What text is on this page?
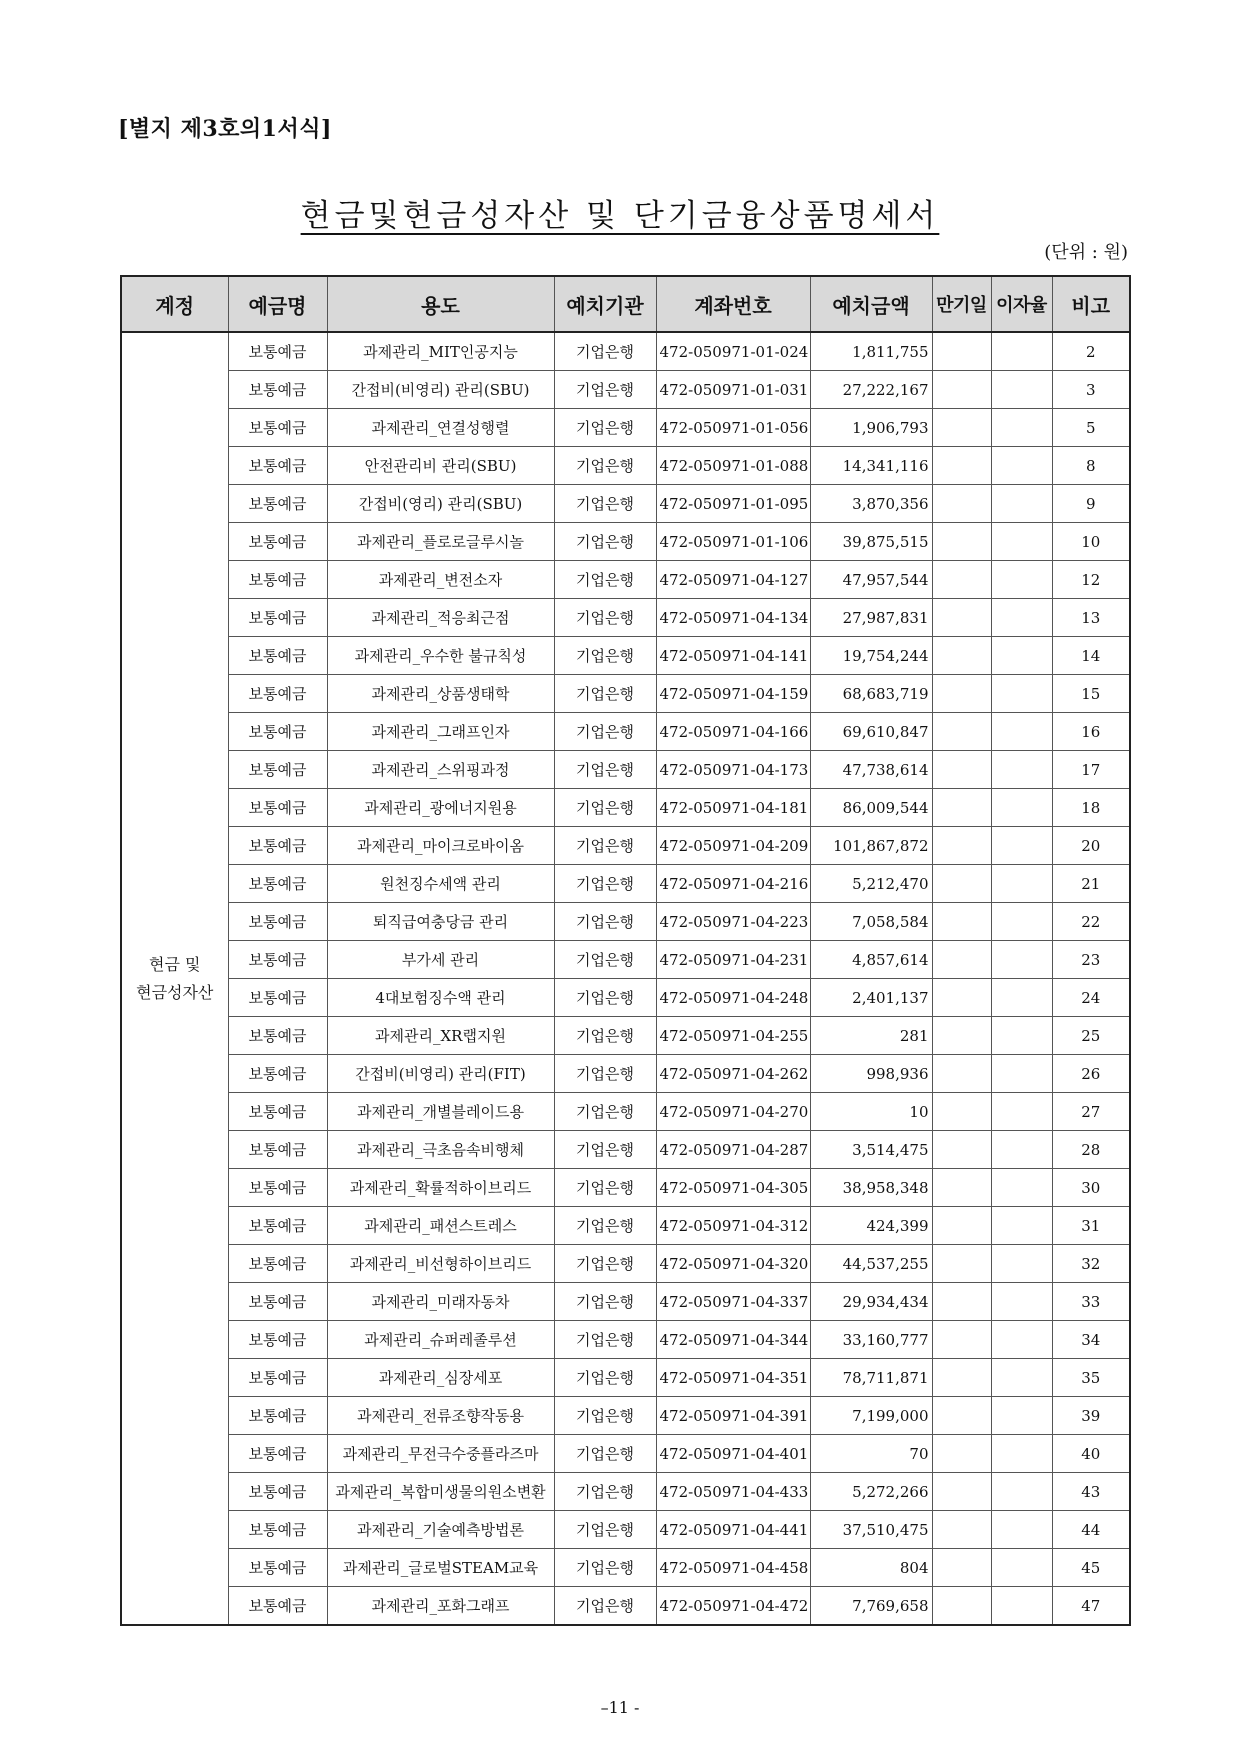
[별지 제3호의1서식]
현금및현금성자산 및 단기금융상품명세서
(단위 : 원)
계정	예금명	용도	예치기관	계좌번호	예치금액	만기일	이자율	비고

현금 및
현금성자산	보통예금	과제관리_MIT인공지능	기업은행	472-050971-01-024	1,811,755			2
	보통예금	간접비(비영리) 관리(SBU)	기업은행	472-050971-01-031	27,222,167			3
	보통예금	과제관리_연결성행렬	기업은행	472-050971-01-056	1,906,793			5
	보통예금	안전관리비 관리(SBU)	기업은행	472-050971-01-088	14,341,116			8
	보통예금	간접비(영리) 관리(SBU)	기업은행	472-050971-01-095	3,870,356			9
	보통예금	과제관리_플로로글루시놀	기업은행	472-050971-01-106	39,875,515			10
	보통예금	과제관리_변전소자	기업은행	472-050971-04-127	47,957,544			12
	보통예금	과제관리_적응최근점	기업은행	472-050971-04-134	27,987,831			13
	보통예금	과제관리_우수한 불규칙성	기업은행	472-050971-04-141	19,754,244			14
	보통예금	과제관리_상품생태학	기업은행	472-050971-04-159	68,683,719			15
	보통예금	과제관리_그래프인자	기업은행	472-050971-04-166	69,610,847			16
	보통예금	과제관리_스위핑과정	기업은행	472-050971-04-173	47,738,614			17
	보통예금	과제관리_광에너지원용	기업은행	472-050971-04-181	86,009,544			18
	보통예금	과제관리_마이크로바이옴	기업은행	472-050971-04-209	101,867,872			20
	보통예금	원천징수세액 관리	기업은행	472-050971-04-216	5,212,470			21
	보통예금	퇴직급여충당금 관리	기업은행	472-050971-04-223	7,058,584			22
	보통예금	부가세 관리	기업은행	472-050971-04-231	4,857,614			23
	보통예금	4대보험징수액 관리	기업은행	472-050971-04-248	2,401,137			24
	보통예금	과제관리_XR랩지원	기업은행	472-050971-04-255	281			25
	보통예금	간접비(비영리) 관리(FIT)	기업은행	472-050971-04-262	998,936			26
	보통예금	과제관리_개별블레이드용	기업은행	472-050971-04-270	10			27
	보통예금	과제관리_극초음속비행체	기업은행	472-050971-04-287	3,514,475			28
	보통예금	과제관리_확률적하이브리드	기업은행	472-050971-04-305	38,958,348			30
	보통예금	과제관리_패션스트레스	기업은행	472-050971-04-312	424,399			31
	보통예금	과제관리_비선형하이브리드	기업은행	472-050971-04-320	44,537,255			32
	보통예금	과제관리_미래자동차	기업은행	472-050971-04-337	29,934,434			33
	보통예금	과제관리_슈퍼레졸루션	기업은행	472-050971-04-344	33,160,777			34
	보통예금	과제관리_심장세포	기업은행	472-050971-04-351	78,711,871			35
	보통예금	과제관리_전류조향작동용	기업은행	472-050971-04-391	7,199,000			39
	보통예금	과제관리_무전극수중플라즈마	기업은행	472-050971-04-401	70			40
	보통예금	과제관리_복합미생물의원소변환	기업은행	472-050971-04-433	5,272,266			43
	보통예금	과제관리_기술예측방법론	기업은행	472-050971-04-441	37,510,475			44
	보통예금	과제관리_글로벌STEAM교육	기업은행	472-050971-04-458	804			45
	보통예금	과제관리_포화그래프	기업은행	472-050971-04-472	7,769,658			47
–11 -
